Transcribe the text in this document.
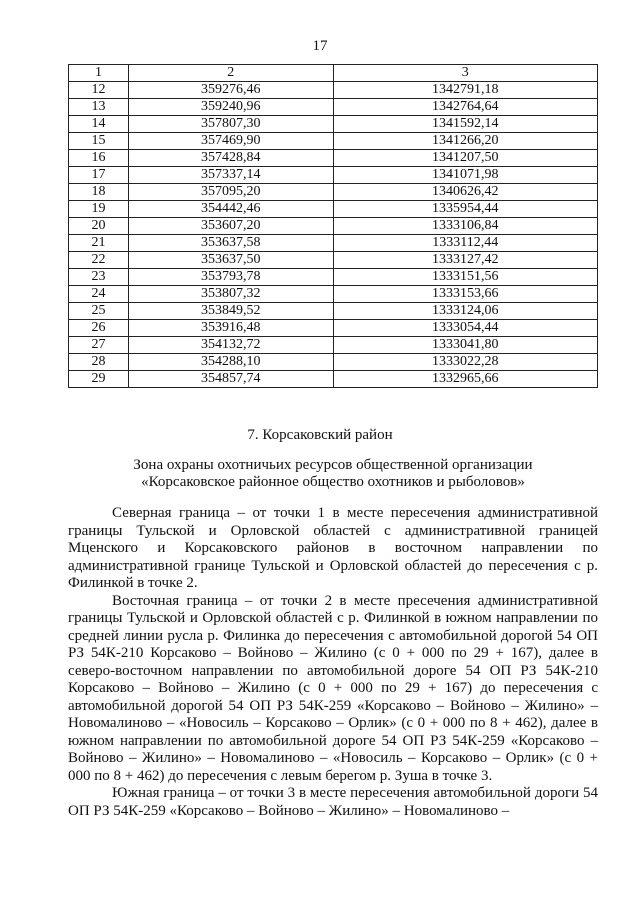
17
1	2	3
12	359276,46	1342791,18
13	359240,96	1342764,64
14	357807,30	1341592,14
15	357469,90	1341266,20
16	357428,84	1341207,50
17	357337,14	1341071,98
18	357095,20	1340626,42
19	354442,46	1335954,44
20	353607,20	1333106,84
21	353637,58	1333112,44
22	353637,50	1333127,42
23	353793,78	1333151,56
24	353807,32	1333153,66
25	353849,52	1333124,06
26	353916,48	1333054,44
27	354132,72	1333041,80
28	354288,10	1333022,28
29	354857,74	1332965,66
7. Корсаковский район
Зона охраны охотничьих ресурсов общественной организации
«Корсаковское районное общество охотников и рыболовов»

Северная граница – от точки 1 в месте пересечения административной границы Тульской и Орловской областей с административной границей Мценского и Корсаковского районов в восточном направлении по административной границе Тульской и Орловской областей до пересечения с р. Филинкой в точке 2.

Восточная граница – от точки 2 в месте пресечения административной границы Тульской и Орловской областей с р. Филинкой в южном направлении по средней линии русла р. Филинка до пересечения с автомобильной дорогой 54 ОП РЗ 54К-210 Корсаково – Войново – Жилино (с 0 + 000 по 29 + 167), далее в северо-восточном направлении по автомобильной дороге 54 ОП РЗ 54К-210 Корсаково – Войново – Жилино (с 0 + 000 по 29 + 167) до пересечения с автомобильной дорогой 54 ОП РЗ 54К-259 «Корсаково – Войново – Жилино» – Новомалиново – «Новосиль – Корсаково – Орлик» (с 0 + 000 по 8 + 462), далее в южном направлении по автомобильной дороге 54 ОП РЗ 54К-259 «Корсаково – Войново – Жилино» – Новомалиново – «Новосиль – Корсаково – Орлик» (с 0 + 000 по 8 + 462) до пересечения с левым берегом р. Зуша в точке 3.

Южная граница – от точки 3 в месте пересечения автомобильной дороги 54 ОП РЗ 54К-259 «Корсаково – Войново – Жилино» – Новомалиново –
